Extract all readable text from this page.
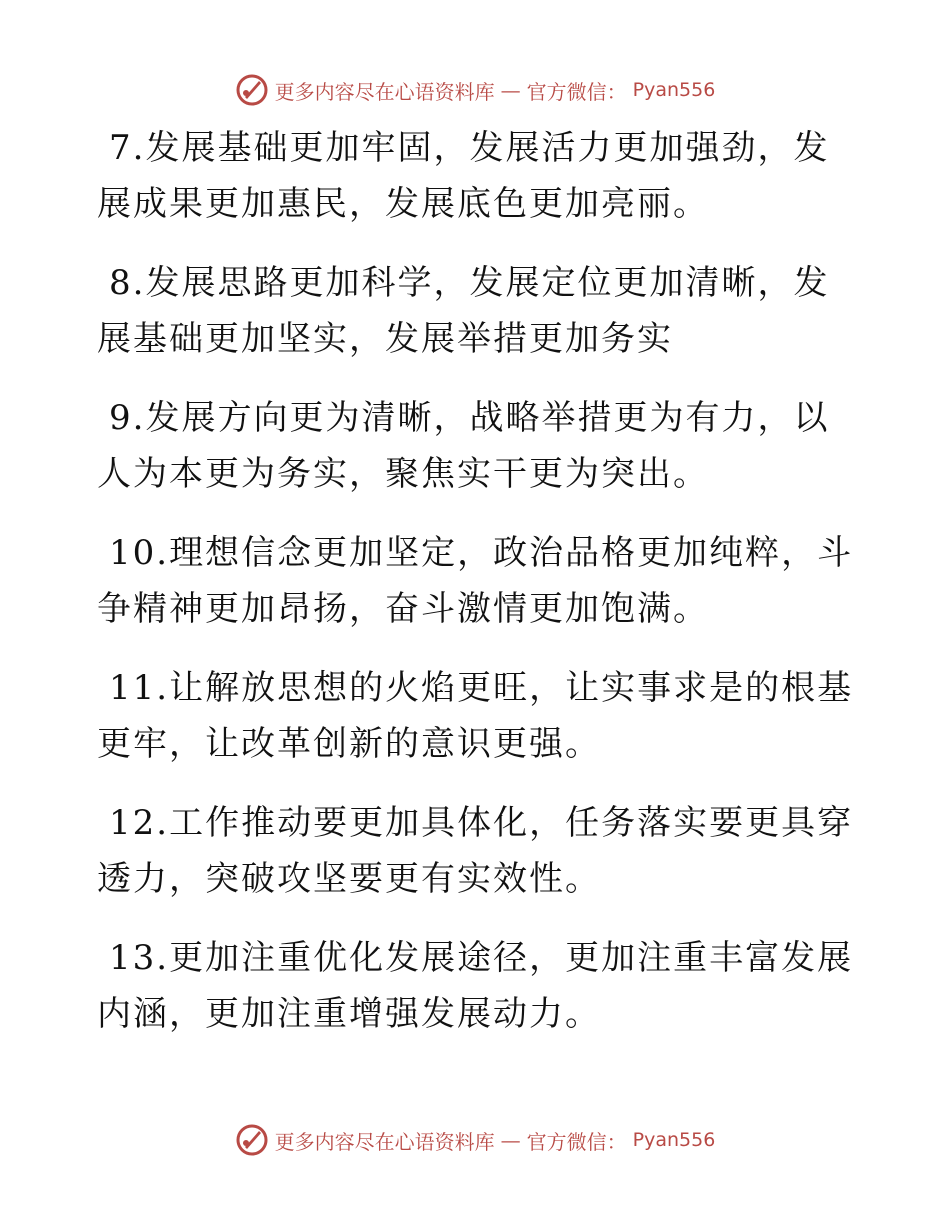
更多内容尽在心语资料库 — 官方微信： Pyan556

7.发展基础更加牢固，发展活力更加强劲，发展成果更加惠民，发展底色更加亮丽。

8.发展思路更加科学，发展定位更加清晰，发展基础更加坚实，发展举措更加务实

9.发展方向更为清晰，战略举措更为有力，以人为本更为务实，聚焦实干更为突出。

10.理想信念更加坚定，政治品格更加纯粹，斗争精神更加昂扬，奋斗激情更加饱满。

11.让解放思想的火焰更旺，让实事求是的根基更牢，让改革创新的意识更强。

12.工作推动要更加具体化，任务落实要更具穿透力，突破攻坚要更有实效性。

13.更加注重优化发展途径，更加注重丰富发展内涵，更加注重增强发展动力。

更多内容尽在心语资料库 — 官方微信： Pyan556
